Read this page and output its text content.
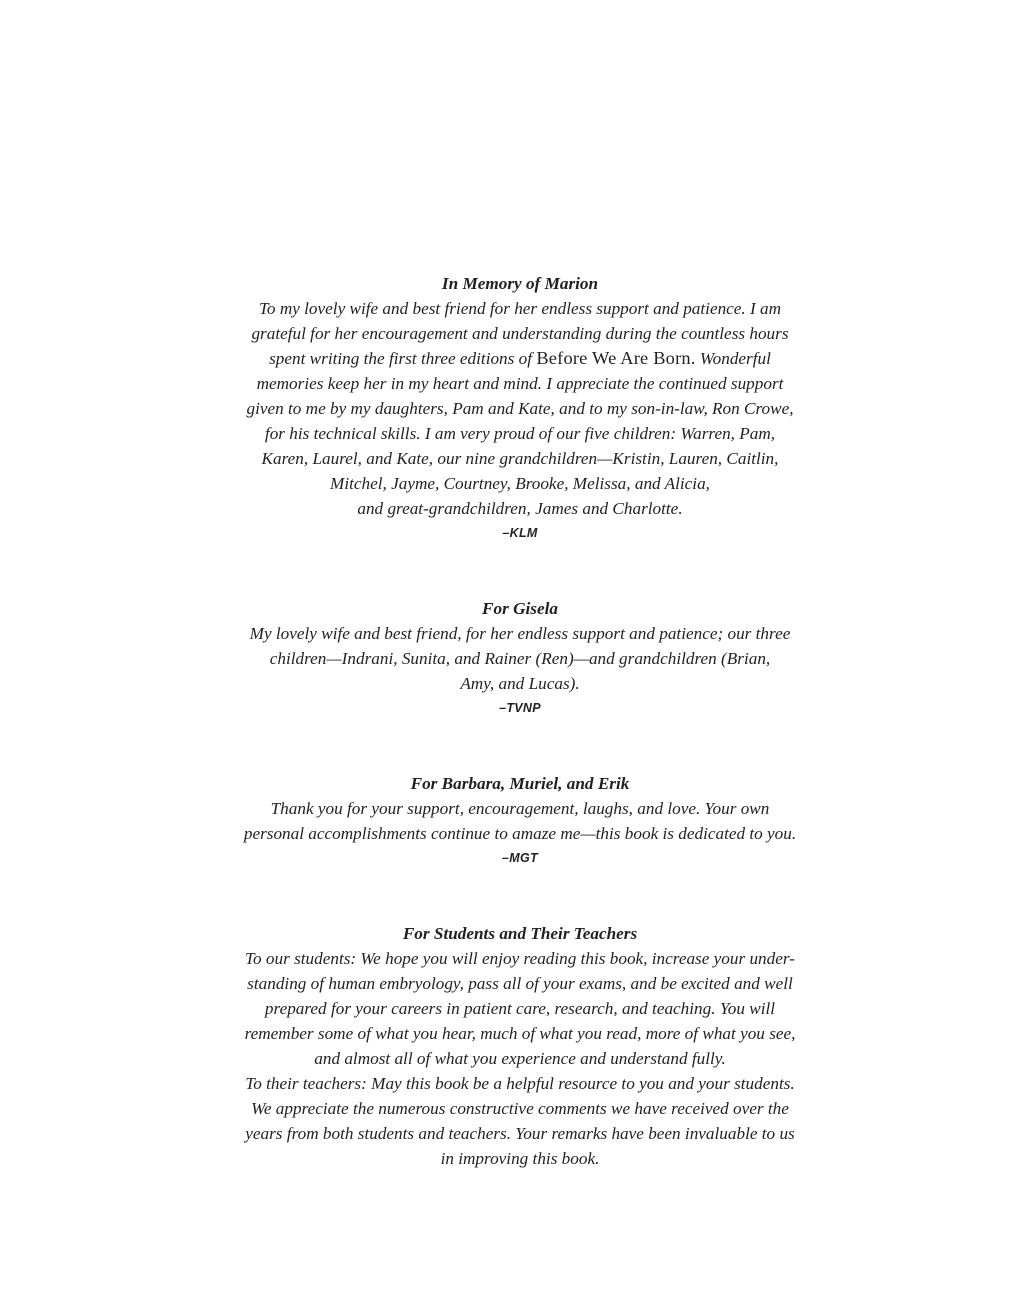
In Memory of Marion
To my lovely wife and best friend for her endless support and patience. I am
grateful for her encouragement and understanding during the countless hours
spent writing the first three editions of Before We Are Born. Wonderful
memories keep her in my heart and mind. I appreciate the continued support
given to me by my daughters, Pam and Kate, and to my son-in-law, Ron Crowe,
for his technical skills. I am very proud of our five children: Warren, Pam,
Karen, Laurel, and Kate, our nine grandchildren—Kristin, Lauren, Caitlin,
Mitchel, Jayme, Courtney, Brooke, Melissa, and Alicia,
and great-grandchildren, James and Charlotte.
–KLM
For Gisela
My lovely wife and best friend, for her endless support and patience; our three
children—Indrani, Sunita, and Rainer (Ren)—and grandchildren (Brian,
Amy, and Lucas).
–TVNP
For Barbara, Muriel, and Erik
Thank you for your support, encouragement, laughs, and love. Your own
personal accomplishments continue to amaze me—this book is dedicated to you.
–MGT
For Students and Their Teachers
To our students: We hope you will enjoy reading this book, increase your under-
standing of human embryology, pass all of your exams, and be excited and well
prepared for your careers in patient care, research, and teaching. You will
remember some of what you hear, much of what you read, more of what you see,
and almost all of what you experience and understand fully.
To their teachers: May this book be a helpful resource to you and your students.
We appreciate the numerous constructive comments we have received over the
years from both students and teachers. Your remarks have been invaluable to us
in improving this book.
